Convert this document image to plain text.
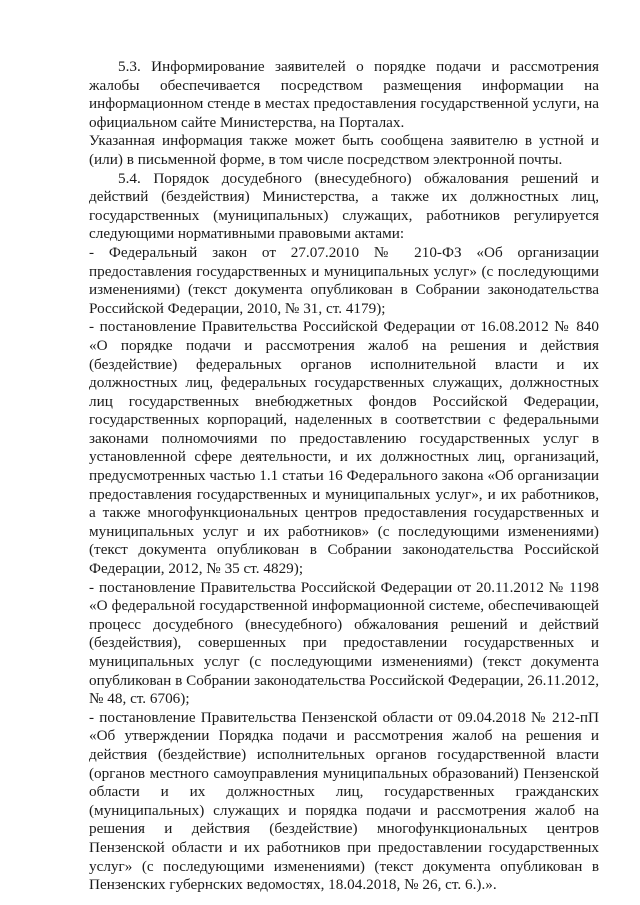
5.3. Информирование заявителей о порядке подачи и рассмотрения жалобы обеспечивается посредством размещения информации на информационном стенде в местах предоставления государственной услуги, на официальном сайте Министерства, на Порталах.

Указанная информация также может быть сообщена заявителю в устной и (или) в письменной форме, в том числе посредством электронной почты.

5.4. Порядок досудебного (внесудебного) обжалования решений и действий (бездействия) Министерства, а также их должностных лиц, государственных (муниципальных) служащих, работников регулируется следующими нормативными правовыми актами:

- Федеральный закон от 27.07.2010 № 210-ФЗ «Об организации предоставления государственных и муниципальных услуг» (с последующими изменениями) (текст документа опубликован в Собрании законодательства Российской Федерации, 2010, № 31, ст. 4179);

- постановление Правительства Российской Федерации от 16.08.2012 № 840 «О порядке подачи и рассмотрения жалоб на решения и действия (бездействие) федеральных органов исполнительной власти и их должностных лиц, федеральных государственных служащих, должностных лиц государственных внебюджетных фондов Российской Федерации, государственных корпораций, наделенных в соответствии с федеральными законами полномочиями по предоставлению государственных услуг в установленной сфере деятельности, и их должностных лиц, организаций, предусмотренных частью 1.1 статьи 16 Федерального закона «Об организации предоставления государственных и муниципальных услуг», и их работников, а также многофункциональных центров предоставления государственных и муниципальных услуг и их работников» (с последующими изменениями) (текст документа опубликован в Собрании законодательства Российской Федерации, 2012, № 35 ст. 4829);

- постановление Правительства Российской Федерации от 20.11.2012 № 1198 «О федеральной государственной информационной системе, обеспечивающей процесс досудебного (внесудебного) обжалования решений и действий (бездействия), совершенных при предоставлении государственных и муниципальных услуг (с последующими изменениями) (текст документа опубликован в Собрании законодательства Российской Федерации, 26.11.2012, № 48, ст. 6706);

- постановление Правительства Пензенской области от 09.04.2018 № 212-пП «Об утверждении Порядка подачи и рассмотрения жалоб на решения и действия (бездействие) исполнительных органов государственной власти (органов местного самоуправления муниципальных образований) Пензенской области и их должностных лиц, государственных гражданских (муниципальных) служащих и порядка подачи и рассмотрения жалоб на решения и действия (бездействие) многофункциональных центров Пензенской области и их работников при предоставлении государственных услуг» (с последующими изменениями) (текст документа опубликован в Пензенских губернских ведомостях, 18.04.2018, № 26, ст. 6.).».
